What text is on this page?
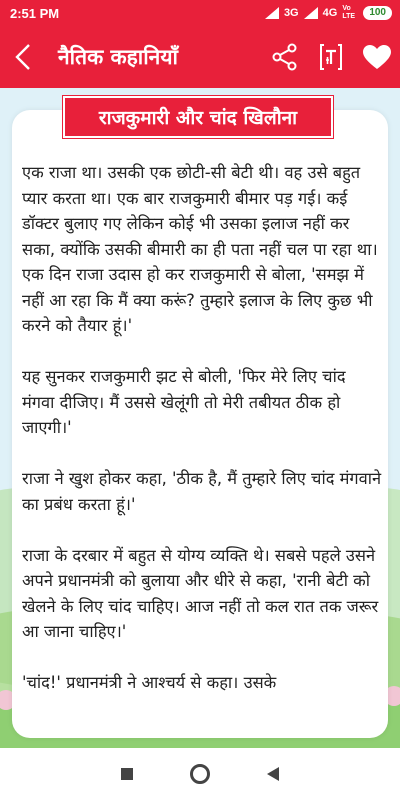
2:51 PM	3G 4G Vo LTE	100
नैतिक कहानियाँ
राजकुमारी और चांद खिलौना

एक राजा था। उसकी एक छोटी-सी बेटी थी। वह उसे बहुत प्यार करता था। एक बार राजकुमारी बीमार पड़ गई। कई डॉक्टर बुलाए गए लेकिन कोई भी उसका इलाज नहीं कर सका, क्योंकि उसकी बीमारी का ही पता नहीं चल पा रहा था। एक दिन राजा उदास हो कर राजकुमारी से बोला, 'समझ में नहीं आ रहा कि मैं क्या करूं? तुम्हारे इलाज के लिए कुछ भी करने को तैयार हूं।'

यह सुनकर राजकुमारी झट से बोली, 'फिर मेरे लिए चांद मंगवा दीजिए। मैं उससे खेलूंगी तो मेरी तबीयत ठीक हो जाएगी।'

राजा ने खुश होकर कहा, 'ठीक है, मैं तुम्हारे लिए चांद मंगवाने का प्रबंध करता हूं।'

राजा के दरबार में बहुत से योग्य व्यक्ति थे। सबसे पहले उसने अपने प्रधानमंत्री को बुलाया और धीरे से कहा, 'रानी बेटी को खेलने के लिए चांद चाहिए। आज नहीं तो कल रात तक जरूर आ जाना चाहिए।'

'चांद!' प्रधानमंत्री ने आश्चर्य से कहा। उसके
